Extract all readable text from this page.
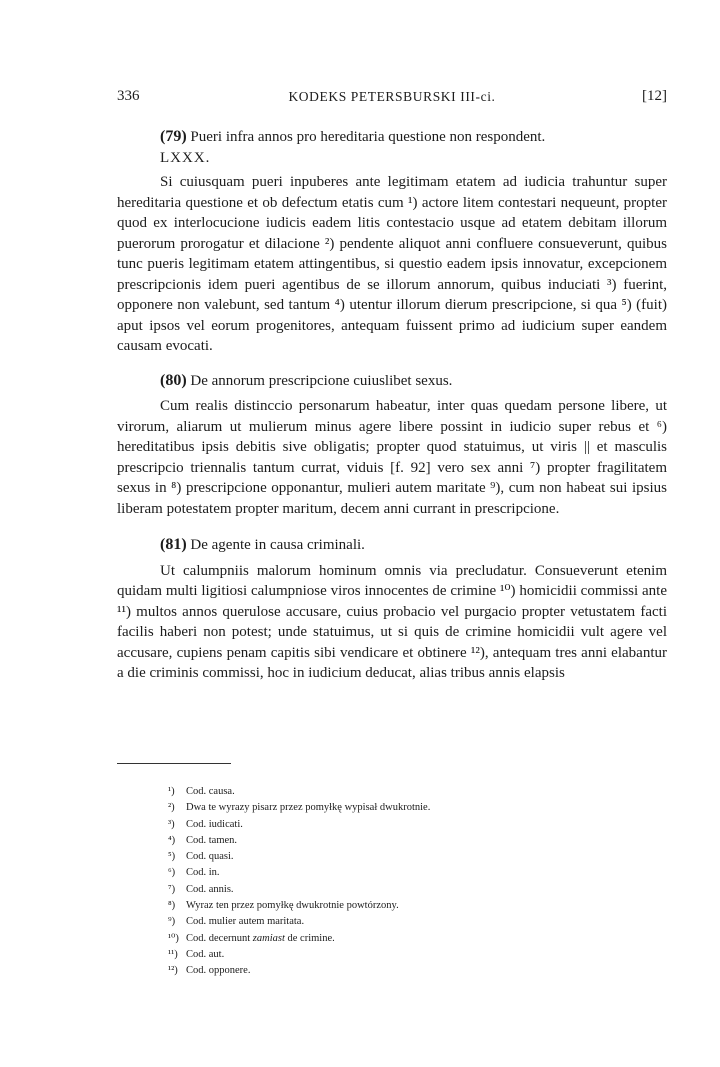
336	KODEKS PETERSBURSKI III-ci.	[12]

(79) Pueri infra annos pro hereditaria questione non respondent.

LXXX.

Si cuiusquam pueri inpuberes ante legitimam etatem ad iudicia trahuntur super hereditaria questione et ob defectum etatis cum ¹) actore litem contestari nequeunt, propter quod ex interlocucione iudicis eadem litis contestacio usque ad etatem debitam illorum puerorum prorogatur et dilacione ²) pendente aliquot anni confluere consueverunt, quibus tunc pueris legitimam etatem attingentibus, si questio eadem ipsis innovatur, excepcionem prescripcionis idem pueri agentibus de se illorum annorum, quibus induciati ³) fuerint, opponere non valebunt, sed tantum ⁴) utentur illorum dierum prescripcione, si qua ⁵) (fuit) aput ipsos vel eorum progenitores, antequam fuissent primo ad iudicium super eandem causam evocati.

(80) De annorum prescripcione cuiuslibet sexus.

Cum realis distinccio personarum habeatur, inter quas quedam persone libere, ut virorum, aliarum ut mulierum minus agere libere possint in iudicio super rebus et ⁶) hereditatibus ipsis debitis sive obligatis; propter quod statuimus, ut viris || et masculis prescripcio triennalis tantum currat, viduis [f. 92] vero sex anni ⁷) propter fragilitatem sexus in ⁸) prescripcione opponantur, mulieri autem maritate ⁹), cum non habeat sui ipsius liberam potestatem propter maritum, decem anni currant in prescripcione.

(81) De agente in causa criminali.

Ut calumpniis malorum hominum omnis via precludatur. Consueverunt etenim quidam multi ligitiosi calumpniose viros innocentes de crimine ¹⁰) homicidii commissi ante ¹¹) multos annos querulose accusare, cuius probacio vel purgacio propter vetustatem facti facilis haberi non potest; unde statuimus, ut si quis de crimine homicidii vult agere vel accusare, cupiens penam capitis sibi vendicare et obtinere ¹²), antequam tres anni elabantur a die criminis commissi, hoc in iudicium deducat, alias tribus annis elapsis

¹) Cod. causa.
²) Dwa te wyrazy pisarz przez pomyłkę wypisał dwukrotnie.
³) Cod. iudicati.
⁴) Cod. tamen.
⁵) Cod. quasi.
⁶) Cod. in.
⁷) Cod. annis.
⁸) Wyraz ten przez pomyłkę dwukrotnie powtórzony.
⁹) Cod. mulier autem maritata.
¹⁰) Cod. decernunt zamiast de crimine.
¹¹) Cod. aut.
¹²) Cod. opponere.
